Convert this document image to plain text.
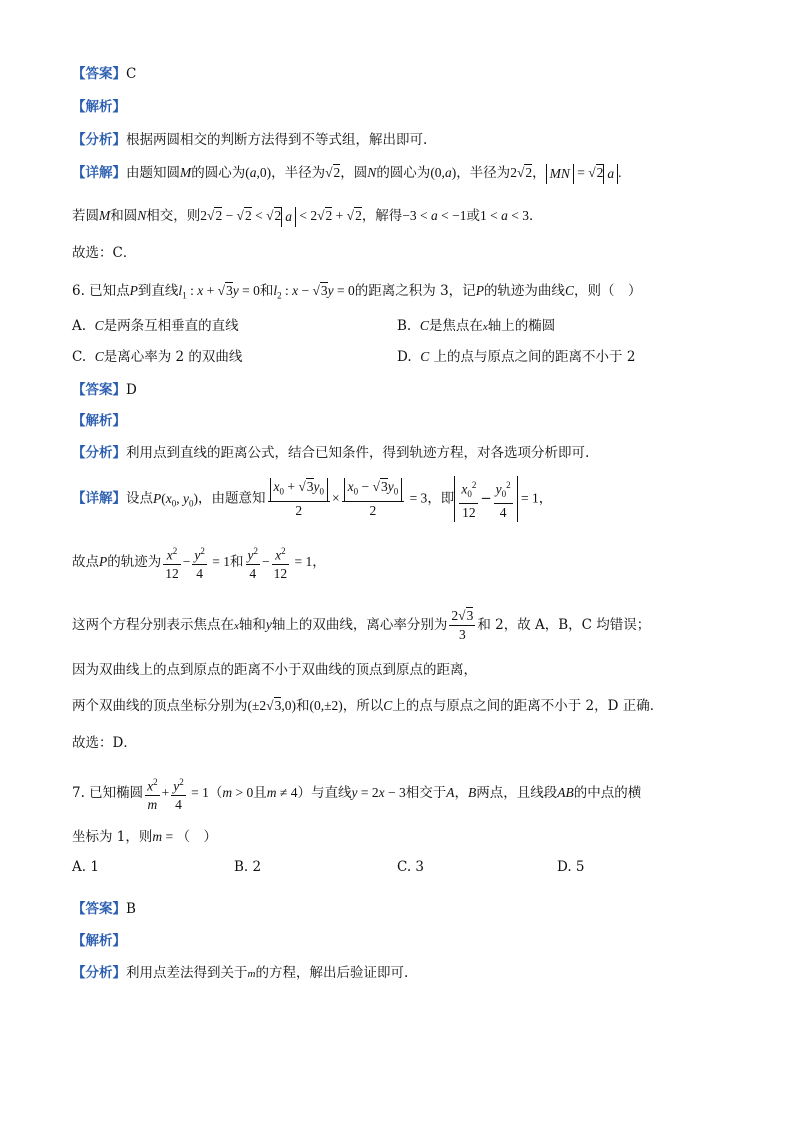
【答案】C
【解析】
【分析】根据两圆相交的判断方法得到不等式组，解出即可.
【详解】由题知圆M的圆心为(a,0)，半径为√2，圆N的圆心为(0,a)，半径为2√2， MN = √2 a .
若圆M和圆N相交，则2√2 − √2 < √2 a < 2√2 + √2，解得−3 < a < −1或1 < a < 3．
故选：C．
6. 已知点P到直线$l_1$ : x + √3y = 0和$l_2$ : x − √3y = 0的距离之积为 3，记P的轨迹为曲线C，则（　）
A. C是两条互相垂直的直线	B. C是焦点在x轴上的椭圆
C. C是离心率为 2 的双曲线	D. C 上的点与原点之间的距离不小于 2
【答案】D
【解析】
【分析】利用点到直线的距离公式，结合已知条件，得到轨迹方程，对各选项分析即可.
【详解】设点$P(x_0$, $y_0$)，由题意知 $\frac{x_0 + √3y_0}{2} \times \frac{x_0 - √3y_0}{2} = 3$，即 $\frac{x_0^2}{12} - \frac{y_0^2}{4} = 1$，
故点P的轨迹为 $\frac{x^2}{12} - \frac{y^2}{4} = 1$和 $\frac{y^2}{4} - \frac{x^2}{12} = 1$，
这两个方程分别表示焦点在x轴和y轴上的双曲线，离心率分别为 $\frac{2√3}{3}$ 和 2，故 A，B，C 均错误；
因为双曲线上的点到原点的距离不小于双曲线的顶点到原点的距离，
两个双曲线的顶点坐标分别为(±2√3,0)和(0,±2)，所以C上的点与原点之间的距离不小于 2，D 正确．
故选：D．
7. 已知椭圆 $\frac{x^2}{m} + \frac{y^2}{4} = 1(m > 0$且m ≠ 4）与直线y = 2x − 3相交于A，B两点，且线段AB的中点的横
坐标为 1，则m = （　）
A. 1	B. 2	C. 3	D. 5
【答案】B
【解析】
【分析】利用点差法得到关于m的方程，解出后验证即可.
